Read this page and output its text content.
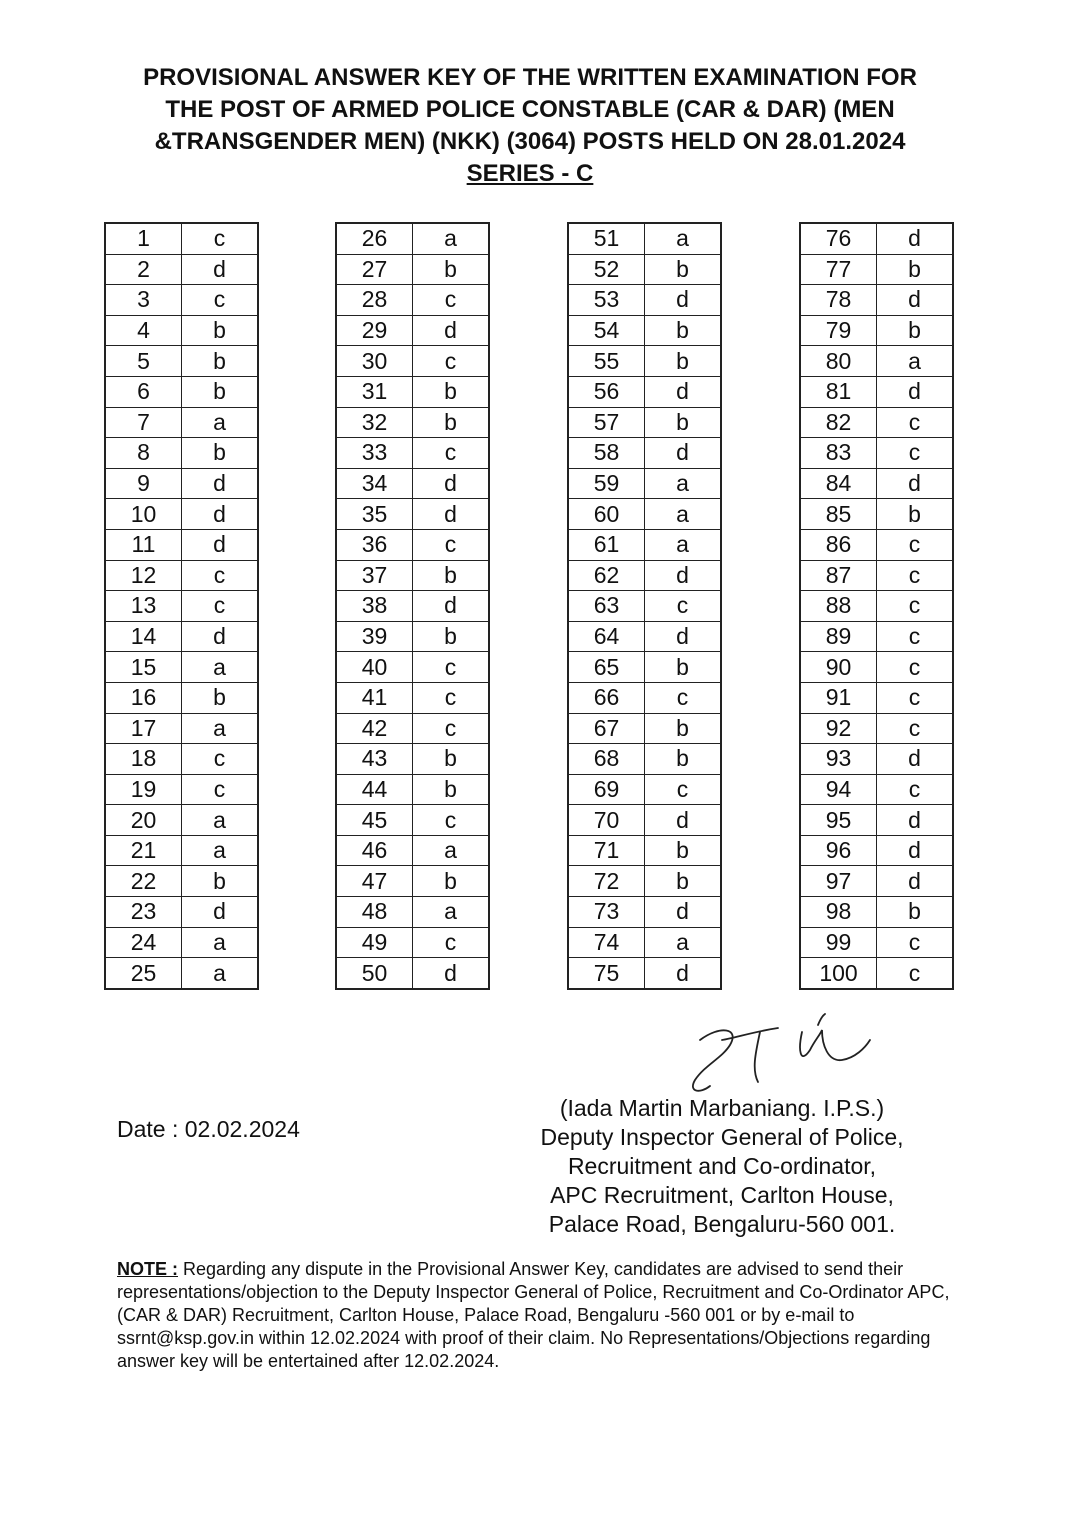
PROVISIONAL ANSWER KEY OF THE WRITTEN EXAMINATION FOR
THE POST OF ARMED POLICE CONSTABLE (CAR & DAR) (MEN
&TRANSGENDER MEN) (NKK) (3064) POSTS HELD ON 28.01.2024
SERIES - C
1	c
2	d
3	c
4	b
5	b
6	b
7	a
8	b
9	d
10	d
11	d
12	c
13	c
14	d
15	a
16	b
17	a
18	c
19	c
20	a
21	a
22	b
23	d
24	a
25	a
26	a
27	b
28	c
29	d
30	c
31	b
32	b
33	c
34	d
35	d
36	c
37	b
38	d
39	b
40	c
41	c
42	c
43	b
44	b
45	c
46	a
47	b
48	a
49	c
50	d
51	a
52	b
53	d
54	b
55	b
56	d
57	b
58	d
59	a
60	a
61	a
62	d
63	c
64	d
65	b
66	c
67	b
68	b
69	c
70	d
71	b
72	b
73	d
74	a
75	d
76	d
77	b
78	d
79	b
80	a
81	d
82	c
83	c
84	d
85	b
86	c
87	c
88	c
89	c
90	c
91	c
92	c
93	d
94	c
95	d
96	d
97	d
98	b
99	c
100	c
Date : 02.02.2024
(Iada Martin Marbaniang. I.P.S.)
Deputy Inspector General of Police,
Recruitment and Co-ordinator,
APC Recruitment, Carlton House,
Palace Road, Bengaluru-560 001.
NOTE : Regarding any dispute in the Provisional Answer Key, candidates are advised to send their representations/objection to the Deputy Inspector General of Police, Recruitment and Co-Ordinator APC, (CAR & DAR) Recruitment, Carlton House, Palace Road, Bengaluru -560 001 or by e-mail to ssrnt@ksp.gov.in within 12.02.2024 with proof of their claim. No Representations/Objections regarding answer key will be entertained after 12.02.2024.
